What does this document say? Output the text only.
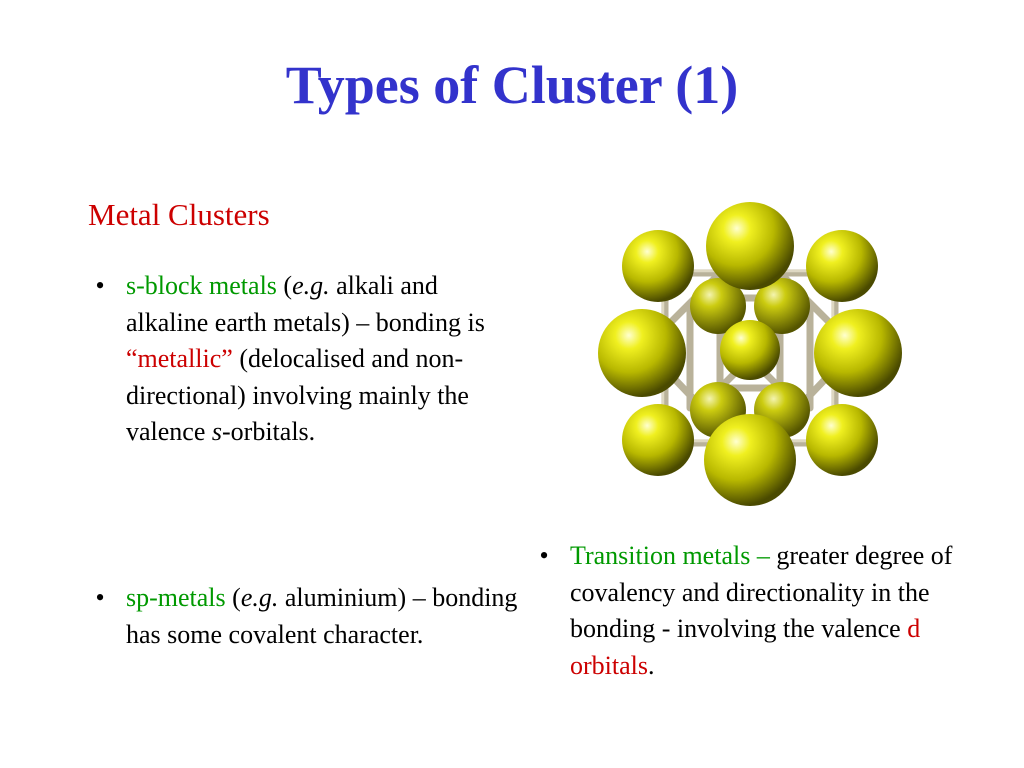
Types of Cluster (1)
Metal Clusters
• s-block metals (e.g. alkali and alkaline earth metals) – bonding is “metallic” (delocalised and non-directional) involving mainly the valence s-orbitals.
• sp-metals (e.g. aluminium) – bonding has some covalent character.
• Transition metals – greater degree of covalency and directionality in the bonding - involving the valence d orbitals.
